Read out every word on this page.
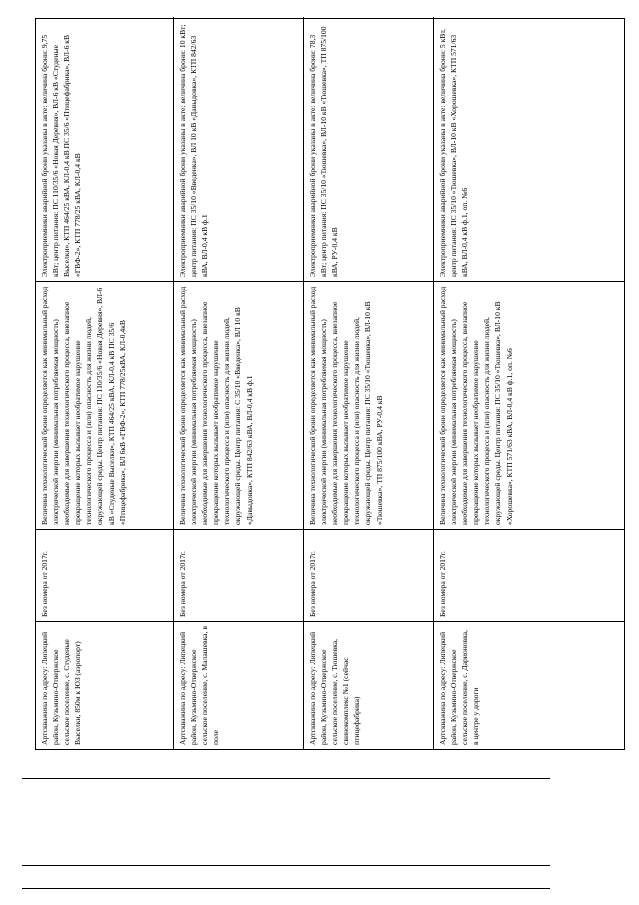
Артскважина по адресу: Липецкий район, Кузьмино-Отвержское сельское поселение, с. Студеные Выселки, 850м к ЮЗ (аэропорт)
Без номера от 2017г.
Величина технологической брони определяется как минимальный расход электрической энергии (минимальная потребляемая мощность) необходимые для завершения технологического процесса, внезапное прекращение которых вызывает необратимое нарушение технологического процесса и (или) опасность для жизни людей, окружающей среды. Центр питания: ПС 110/35/6 «Новая Деревня», ВЛ-6 кВ «Студеные Выселки», КТП 464/25 кВА, КЛ-0,4 кВ ПС 35/6 «Птицефабрика», ВЛ 6кВ «ГВФ-2», КТП 778/25кВА, КЛ-0,4кВ
Электроприемники аварийной брони указаны в акте: величина брони: 9,75 кВт; центр питания: ПС 110/35/6 «Новая Деревня», ВЛ-6 кВ «Студеные Выселки», КТП 464/25 кВА, КЛ-0,4 кВ ПС 35/6 «Птицефабрика», ВЛ-6 кВ «ГВФ-2», КТП 778/25 кВА, КЛ-0,4 кВ
Артскважина по адресу: Липецкий район, Кузьмино-Отвержское сельское поселение, с. Малашевка, в поле
Без номера от 2017г.
Величина технологической брони определяется как минимальный расход электрической энергии (минимальная потребляемая мощность) необходимые для завершения технологического процесса, внезапное прекращение которых вызывает необратимое нарушение технологического процесса и (или) опасность для жизни людей, окружающей среды. Центр питания: С 35/10 «Введенка», ВЛ 10 кВ «Давыдовка», КТП 842/63 кВА, ВЛ-0,4 кВ ф.1
Электроприемники аварийной брони указаны в акте: величина брони: 10 кВт; центр питания: ПС 35/10 «Введенка», ВЛ 10 кВ «Давыдовка», КТП 842/63 кВА, ВЛ-0,4 кВ ф.1
Артскважина по адресу: Липецкий район, Кузьмино-Отвержское сельское поселение, с. Тюшевка, свинокомплекс №1 (сейчас птицефабрика)
Без номера от 2017г.
Величина технологической брони определяется как минимальный расход электрической энергии (минимальная потребляемая мощность) необходимые для завершения технологического процесса, внезапное прекращение которых вызывает необратимое нарушение технологического процесса и (или) опасность для жизни людей, окружающей среды. Центр питания: ПС 35/10 «Тюшевка», ВЛ-10 кВ «Тюшевка», ТП 875/100 кВА, РУ-0,4 кВ
Электроприемники аварийной брони указаны в акте: величина брони: 78,3 кВт; центр питания: ПС 35/10 «Тюшевка», ВЛ-10 кВ «Тюшевка», ТП 875/100 кВА, РУ-0,4 кВ
Артскважина по адресу: Липецкий район, Кузьмино-Отвержское сельское поселение, с. Дарионовка, в центре у дороги
Без номера от 2017г.
Величина технологической брони определяется как минимальный расход электрической энергии (минимальная потребляемая мощность) необходимые для завершения технологического процесса, внезапное прекращение которых вызывает необратимое нарушение технологического процесса и (или) опасность для жизни людей, окружающей среды. Центр питания: ПС 35/10 «Тюшевка», ВЛ-10 кВ «Хорошевка», КТП 571/63 кВА, ВЛ-0,4 кВ ф.1, оп. №6
Электроприемники аварийной брони указаны в акте: величина брони: 5 кВт, центр питания: ПС 35/10 «Тюшевка», ВЛ-10 кВ «Хорошевка», КТП 571/63 кВА, ВЛ-0,4 кВ ф.1, оп. №6
